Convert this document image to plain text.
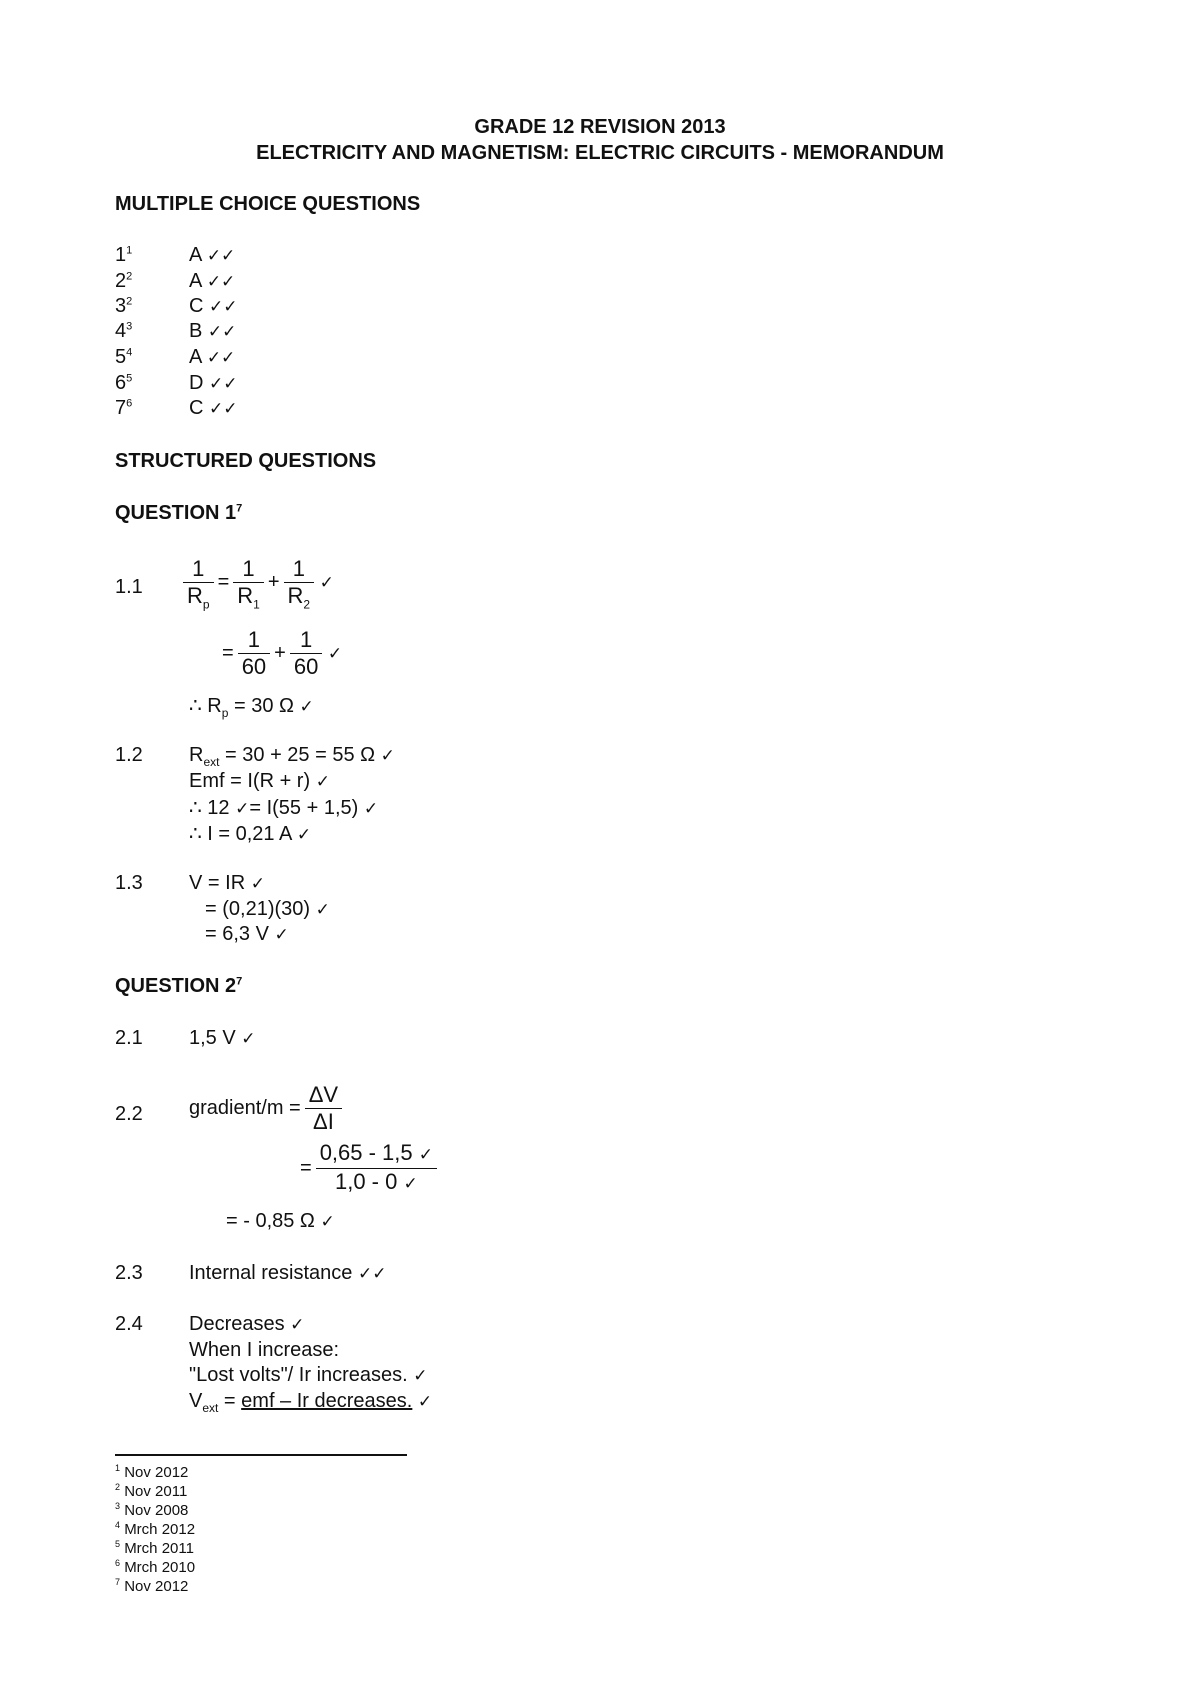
GRADE 12 REVISION 2013
ELECTRICITY AND MAGNETISM: ELECTRIC CIRCUITS - MEMORANDUM
MULTIPLE CHOICE QUESTIONS
$1^1$	A ✓✓
$2^2$	A ✓✓
$3^2$	C ✓✓
$4^3$	B ✓✓
$5^4$	A ✓✓
$6^5$	D ✓✓
$7^6$	C ✓✓
STRUCTURED QUESTIONS
QUESTION $1^7$
$1.1 \frac{1}{R_p} = \frac{1}{R_1} + \frac{1}{R_2}$ ✓
= $\frac{1}{60} + \frac{1}{60}$ ✓
∴ $R_p = 30$ Ω ✓
1.2 $R_{ext} = 30 + 25 = 55$ Ω ✓
Emf = I(R + r) ✓
∴ 12 ✓= I(55 + 1,5) ✓
∴ I = 0,21 A ✓
1.3 V = IR ✓
= (0,21)(30) ✓
= 6,3 V ✓
QUESTION $2^7$
2.1 1,5 V ✓
2.2 gradient/m = $\frac{\Delta V}{\Delta I}$
= $\frac{0,65 - 1,5 ✓}{1,0 - 0 ✓}$
= - 0,85 Ω ✓
2.3 Internal resistance ✓✓
2.4 Decreases ✓
When I increase:
"Lost volts"/ Ir increases. ✓
$V_{ext}$ = emf – Ir decreases. ✓
$^1$ Nov 2012
$^2$ Nov 2011
$^3$ Nov 2008
$^4$ Mrch 2012
$^5$ Mrch 2011
$^6$ Mrch 2010
$^7$ Nov 2012
